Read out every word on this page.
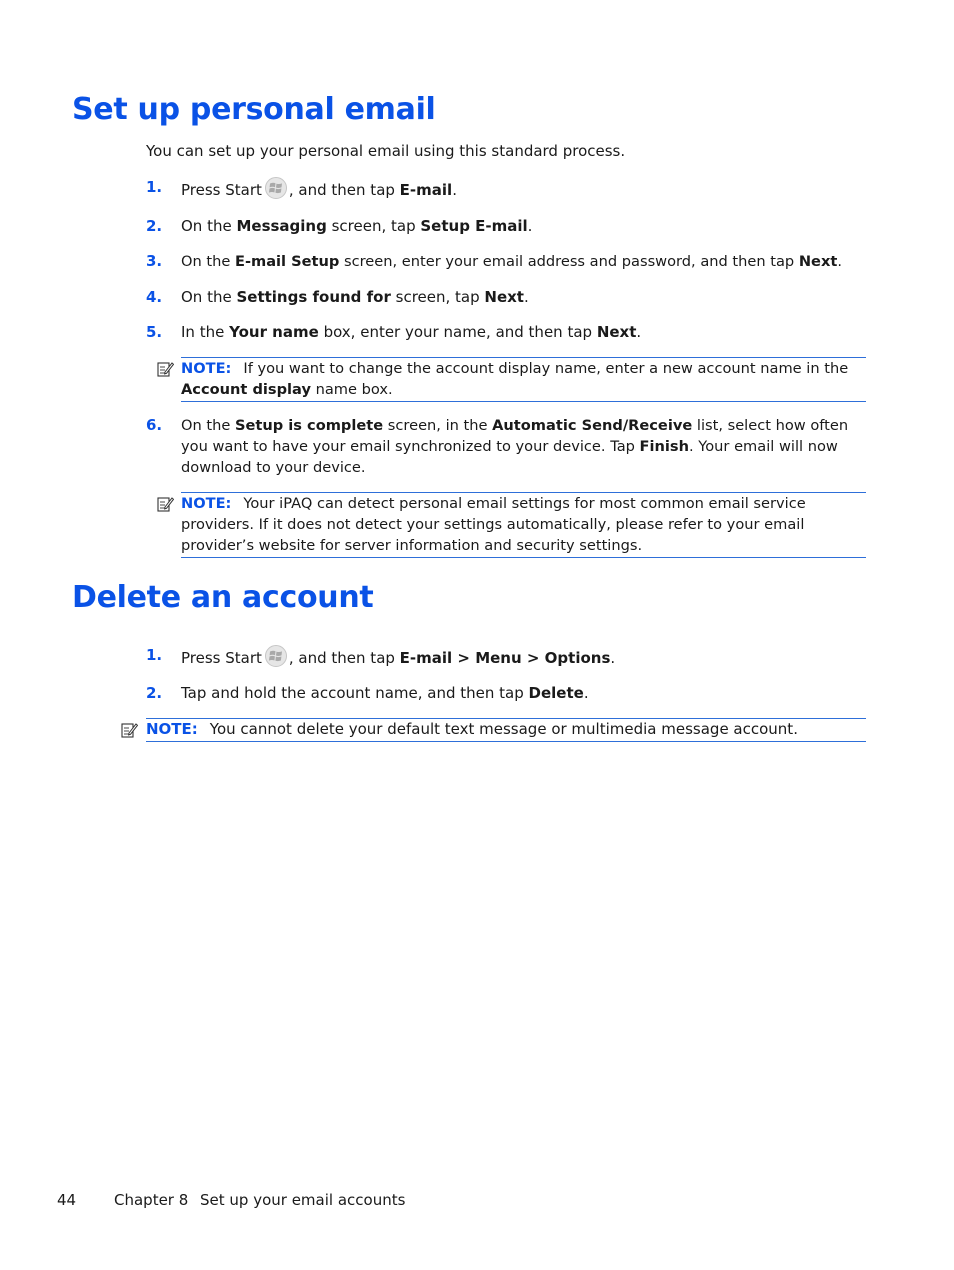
Set up personal email

You can set up your personal email using this standard process.

1. Press Start , and then tap E-mail.
2. On the Messaging screen, tap Setup E-mail.
3. On the E-mail Setup screen, enter your email address and password, and then tap Next.
4. On the Settings found for screen, tap Next.
5. In the Your name box, enter your name, and then tap Next.
NOTE: If you want to change the account display name, enter a new account name in the Account display name box.
6. On the Setup is complete screen, in the Automatic Send/Receive list, select how often you want to have your email synchronized to your device. Tap Finish. Your email will now download to your device.
NOTE: Your iPAQ can detect personal email settings for most common email service providers. If it does not detect your settings automatically, please refer to your email provider’s website for server information and security settings.
Delete an account
1. Press Start , and then tap E-mail > Menu > Options.
2. Tap and hold the account name, and then tap Delete.
NOTE: You cannot delete your default text message or multimedia message account.
44	Chapter 8 Set up your email accounts
